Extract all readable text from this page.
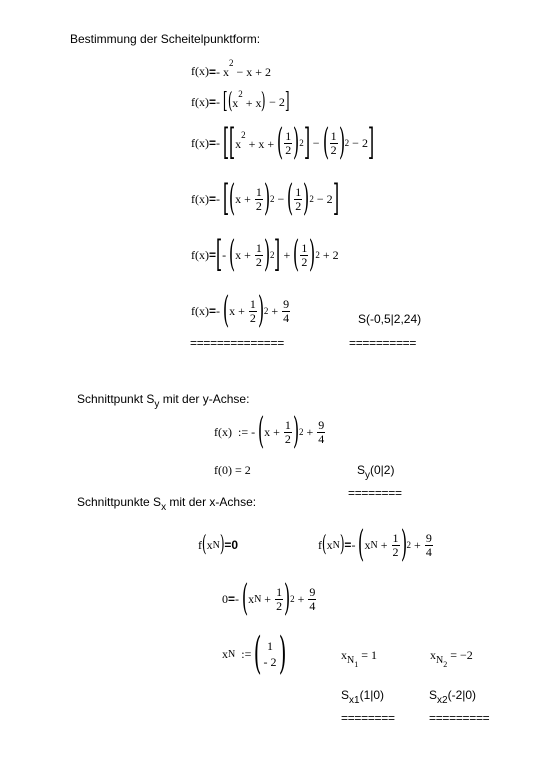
Bestimmung der Scheitelpunktform:
f(x) = - $x^2 - x + 2$
f(x) = - [ ( $x^2 + x$ ) − 2 ]
f(x) = - [ [ $x^2 + x$ + ( $\frac{1}{2}$ ) 2 ] − ( $\frac{1}{2}$ ) 2 − 2 ]
f(x) = - [ ( $x + \frac{1}{2}$ ) 2 − ( $\frac{1}{2}$ ) 2 − 2 ]
f(x) = [ - ( $x + \frac{1}{2}$ ) 2 ] + ( $\frac{1}{2}$ ) 2 + 2
f(x) = - ( $x + \frac{1}{2}$ ) $2 + \frac{9}{4}$	S(-0,5|2,24)
==============	==========
Schnittpunkt $S_y$ mit der y-Achse:
f(x)  := - ( $x + \frac{1}{2}$ ) $2 + \frac{9}{4}$
f(0) = 2	$S_y(0|2)$
========
Schnittpunkte $S_x$ mit der x-Achse:
f ( x N ) =0	f ( x N ) = - ( x $N + \frac{1}{2}$ ) $2 + \frac{9}{4}$
0 = - ( x $N + \frac{1}{2}$ ) $2 + \frac{9}{4}$
x N := ( 1
- 2 )	$x_{N1} = 1$	$x_{N2} = -2$
$S_{x1}(1|0)$	$S_{x2}(-2|0)$
========	=========
